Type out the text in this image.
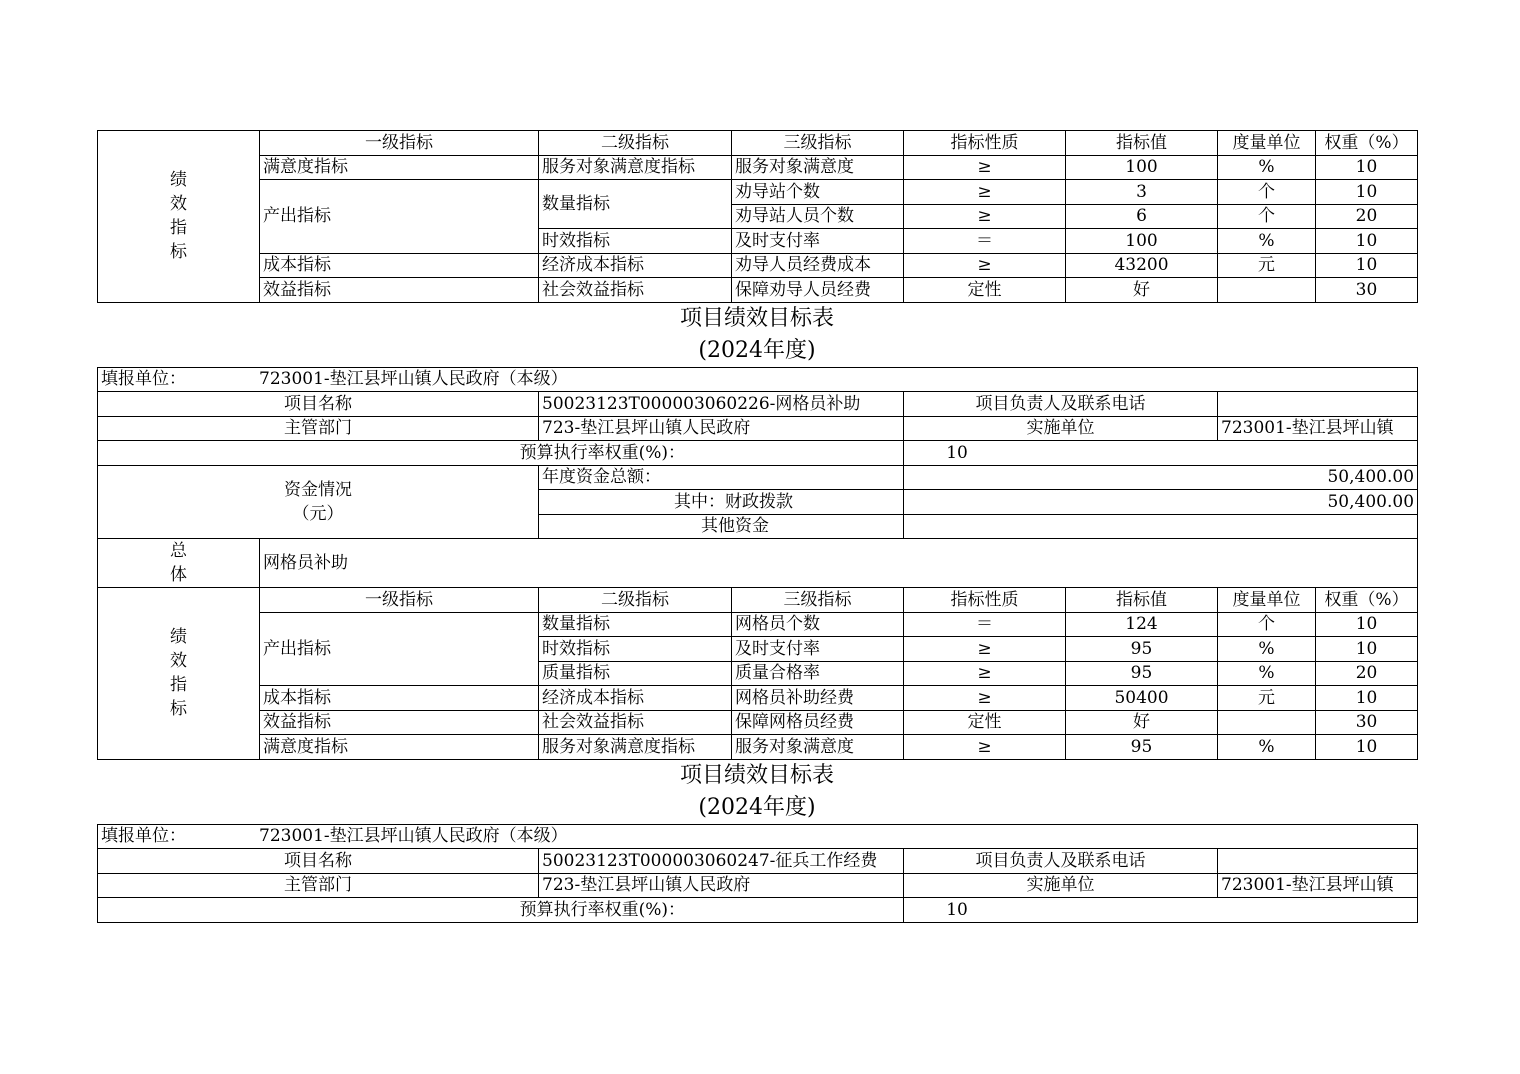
绩
效
指
标	一级指标	二级指标	三级指标	指标性质	指标值	度量单位	权重（%）
	满意度指标	服务对象满意度指标	服务对象满意度	≥	100	%	10
	产出指标	数量指标	劝导站个数	≥	3	个	10
			劝导站人员个数	≥	6	个	20
		时效指标	及时支付率	＝	100	%	10
	成本指标	经济成本指标	劝导人员经费成本	≥	43200	元	10
	效益指标	社会效益指标	保障劝导人员经费	定性	好		30
项目绩效目标表
(2024年度)
填报单位： 723001-垫江县坪山镇人民政府（本级）							
项目名称		50023123T000003060226-网格员补助		项目负责人及联系电话			
主管部门		723-垫江县坪山镇人民政府		实施单位		723001-垫江县坪山镇	
预算执行率权重(%)：				10			

资金情况
（元）		年度资金总额：		50,400.00			
		其中：财政拨款		50,400.00			
		其他资金					

总
体	网格员补助						

绩
效
指
标	一级指标	二级指标	三级指标	指标性质	指标值	度量单位	权重（%）
	产出指标	数量指标	网格员个数	＝	124	个	10
		时效指标	及时支付率	≥	95	%	10
		质量指标	质量合格率	≥	95	%	20
	成本指标	经济成本指标	网格员补助经费	≥	50400	元	10
	效益指标	社会效益指标	保障网格员经费	定性	好		30
	满意度指标	服务对象满意度指标	服务对象满意度	≥	95	%	10
项目绩效目标表
(2024年度)
填报单位： 723001-垫江县坪山镇人民政府（本级）			
项目名称	50023123T000003060247-征兵工作经费	项目负责人及联系电话	
主管部门	723-垫江县坪山镇人民政府	实施单位	723001-垫江县坪山镇
预算执行率权重(%)：		10	
